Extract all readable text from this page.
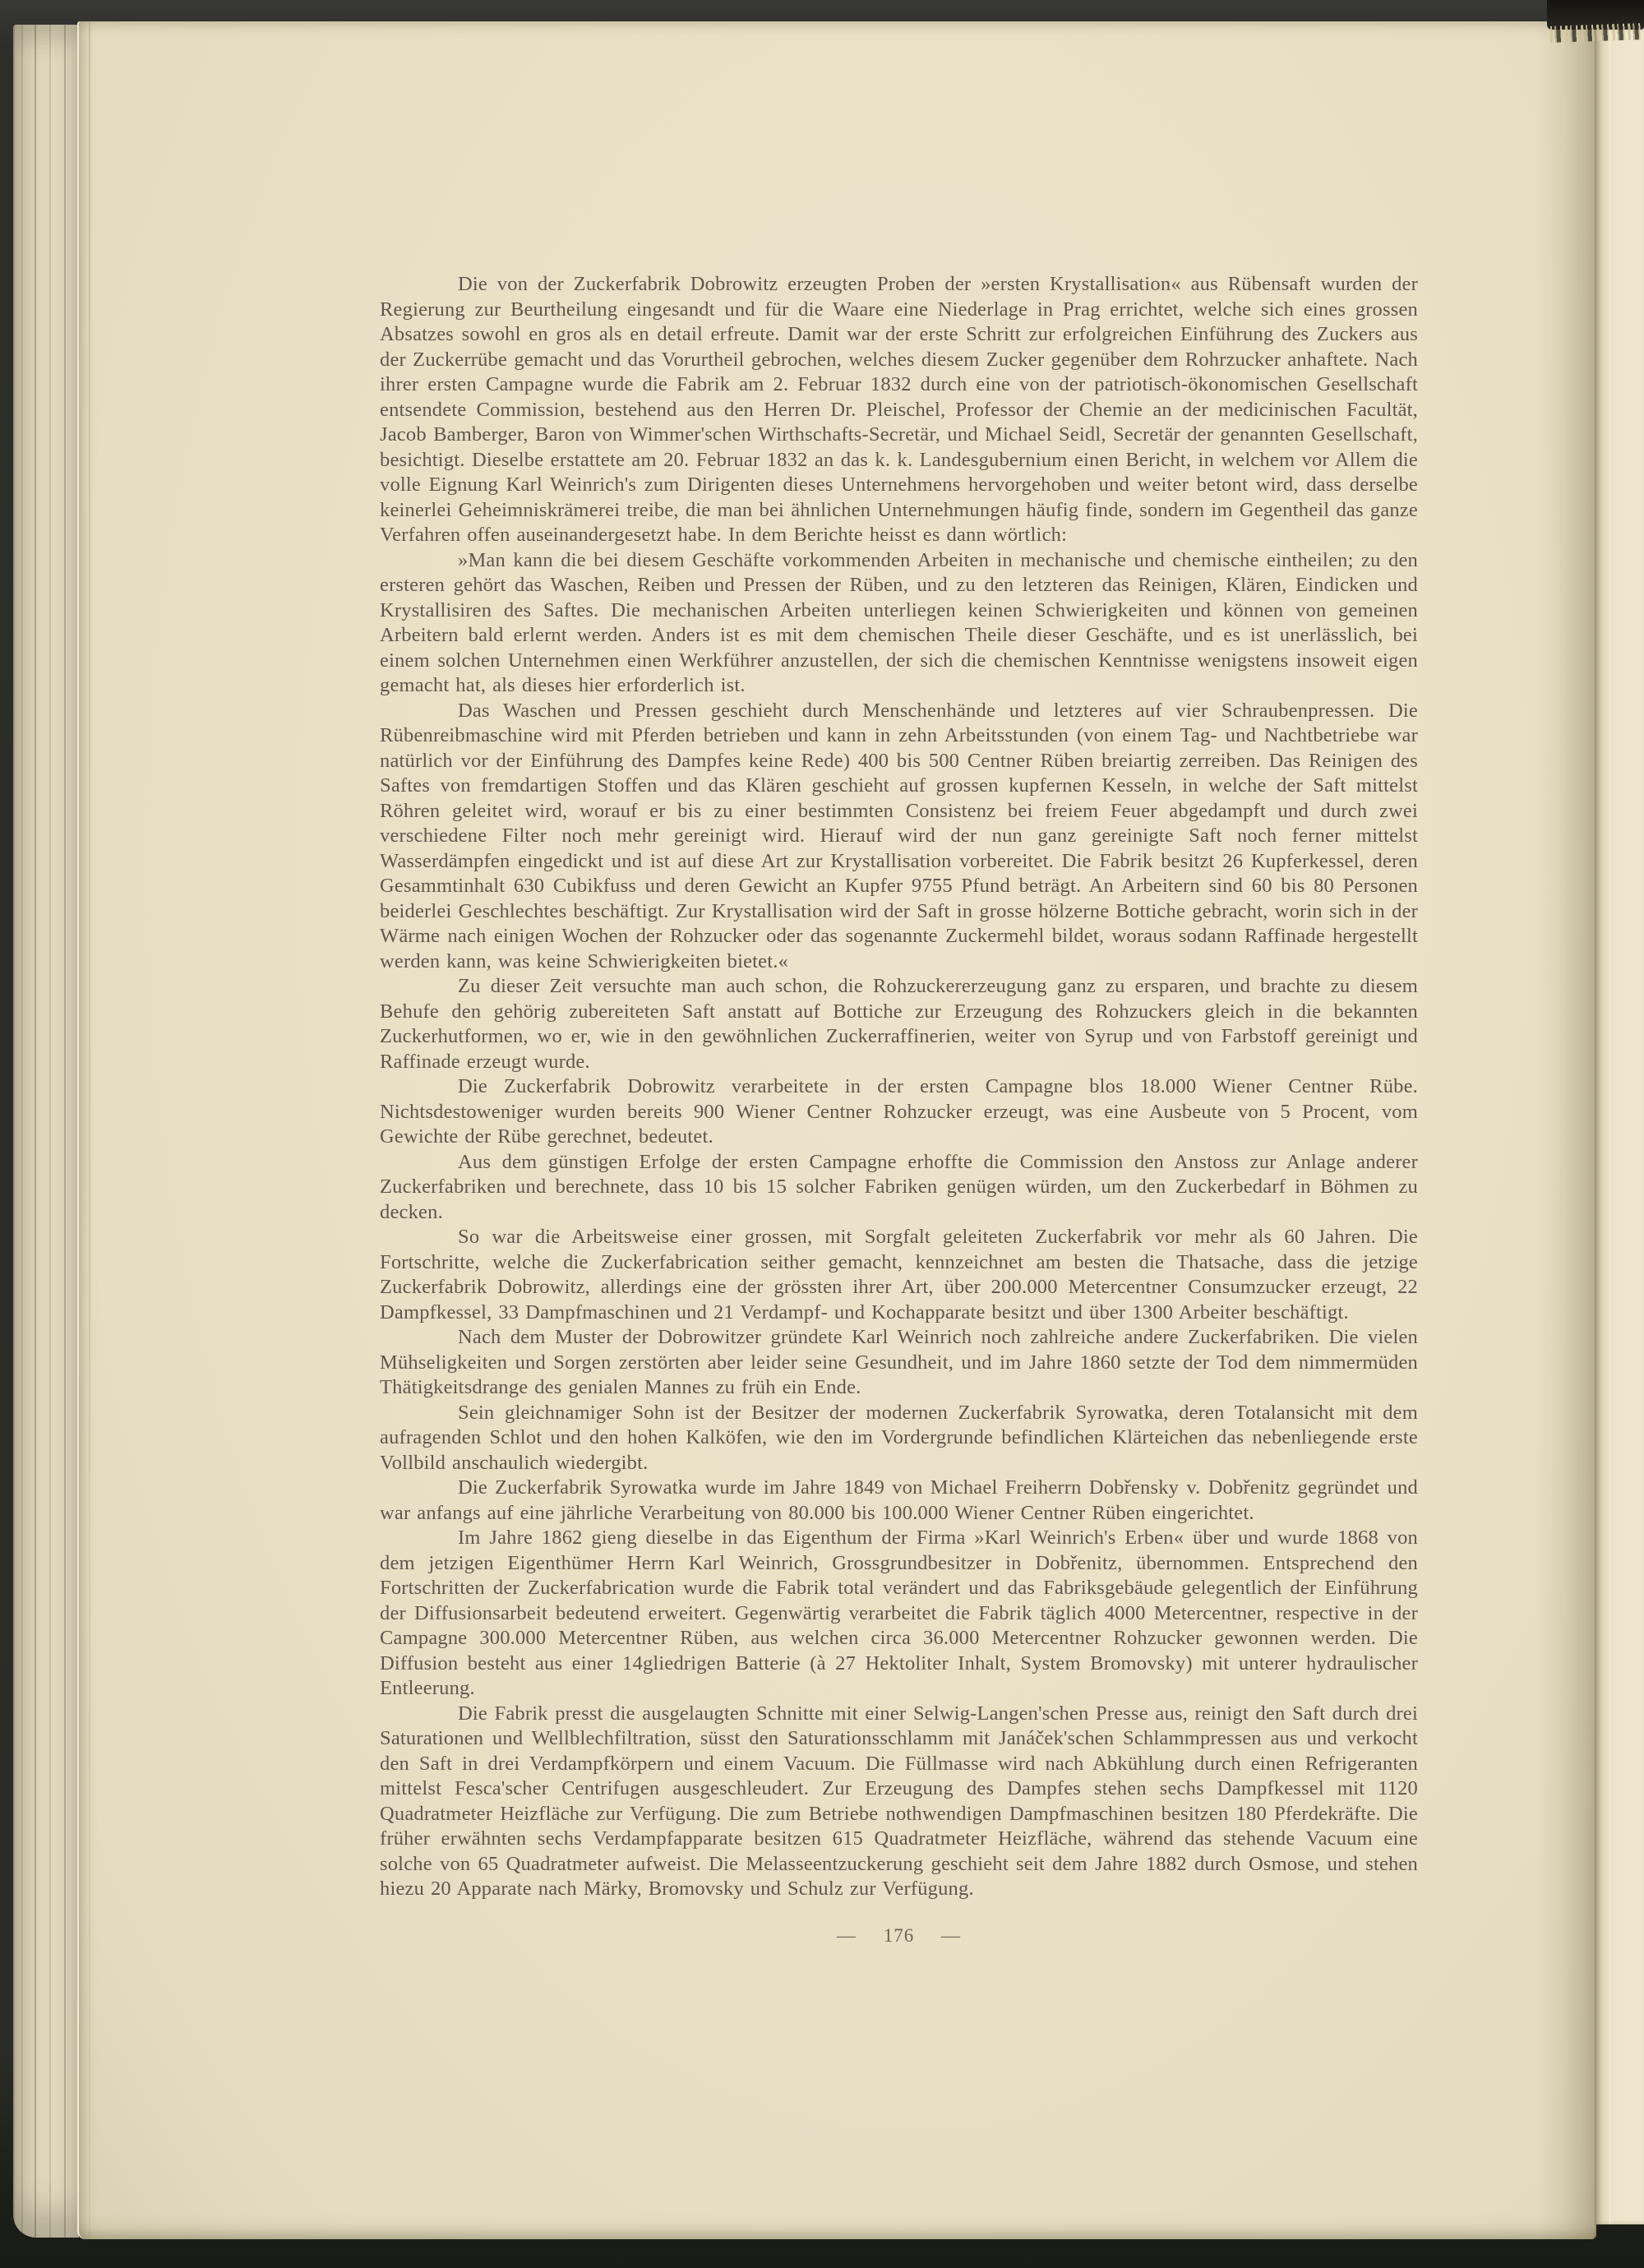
Die von der Zuckerfabrik Dobrowitz erzeugten Proben der »ersten Krystallisation« aus Rübensaft wurden der Regierung zur Beurtheilung eingesandt und für die Waare eine Niederlage in Prag errichtet, welche sich eines grossen Absatzes sowohl en gros als en detail erfreute. Damit war der erste Schritt zur erfolgreichen Einführung des Zuckers aus der Zuckerrübe gemacht und das Vorurtheil gebrochen, welches diesem Zucker gegenüber dem Rohrzucker anhaftete. Nach ihrer ersten Campagne wurde die Fabrik am 2. Februar 1832 durch eine von der patriotisch-ökonomischen Gesellschaft entsendete Commission, bestehend aus den Herren Dr. Pleischel, Professor der Chemie an der medicinischen Facultät, Jacob Bamberger, Baron von Wimmer'schen Wirthschafts-Secretär, und Michael Seidl, Secretär der genannten Gesellschaft, besichtigt. Dieselbe erstattete am 20. Februar 1832 an das k. k. Landesgubernium einen Bericht, in welchem vor Allem die volle Eignung Karl Weinrich's zum Dirigenten dieses Unternehmens hervorgehoben und weiter betont wird, dass derselbe keinerlei Geheimniskrämerei treibe, die man bei ähnlichen Unternehmungen häufig finde, sondern im Gegentheil das ganze Verfahren offen auseinandergesetzt habe. In dem Berichte heisst es dann wörtlich:

»Man kann die bei diesem Geschäfte vorkommenden Arbeiten in mechanische und chemische eintheilen; zu den ersteren gehört das Waschen, Reiben und Pressen der Rüben, und zu den letzteren das Reinigen, Klären, Eindicken und Krystallisiren des Saftes. Die mechanischen Arbeiten unterliegen keinen Schwierigkeiten und können von gemeinen Arbeitern bald erlernt werden. Anders ist es mit dem chemischen Theile dieser Geschäfte, und es ist unerlässlich, bei einem solchen Unternehmen einen Werkführer anzustellen, der sich die chemischen Kenntnisse wenigstens insoweit eigen gemacht hat, als dieses hier erforderlich ist.

Das Waschen und Pressen geschieht durch Menschenhände und letzteres auf vier Schraubenpressen. Die Rübenreibmaschine wird mit Pferden betrieben und kann in zehn Arbeitsstunden (von einem Tag- und Nachtbetriebe war natürlich vor der Einführung des Dampfes keine Rede) 400 bis 500 Centner Rüben breiartig zerreiben. Das Reinigen des Saftes von fremdartigen Stoffen und das Klären geschieht auf grossen kupfernen Kesseln, in welche der Saft mittelst Röhren geleitet wird, worauf er bis zu einer bestimmten Consistenz bei freiem Feuer abgedampft und durch zwei verschiedene Filter noch mehr gereinigt wird. Hierauf wird der nun ganz gereinigte Saft noch ferner mittelst Wasserdämpfen eingedickt und ist auf diese Art zur Krystallisation vorbereitet. Die Fabrik besitzt 26 Kupferkessel, deren Gesammtinhalt 630 Cubikfuss und deren Gewicht an Kupfer 9755 Pfund beträgt. An Arbeitern sind 60 bis 80 Personen beiderlei Geschlechtes beschäftigt. Zur Krystallisation wird der Saft in grosse hölzerne Bottiche gebracht, worin sich in der Wärme nach einigen Wochen der Rohzucker oder das sogenannte Zuckermehl bildet, woraus sodann Raffinade hergestellt werden kann, was keine Schwierigkeiten bietet.«

Zu dieser Zeit versuchte man auch schon, die Rohzuckererzeugung ganz zu ersparen, und brachte zu diesem Behufe den gehörig zubereiteten Saft anstatt auf Bottiche zur Erzeugung des Rohzuckers gleich in die bekannten Zuckerhutformen, wo er, wie in den gewöhnlichen Zuckerraffinerien, weiter von Syrup und von Farbstoff gereinigt und Raffinade erzeugt wurde.

Die Zuckerfabrik Dobrowitz verarbeitete in der ersten Campagne blos 18.000 Wiener Centner Rübe. Nichtsdestoweniger wurden bereits 900 Wiener Centner Rohzucker erzeugt, was eine Ausbeute von 5 Procent, vom Gewichte der Rübe gerechnet, bedeutet.

Aus dem günstigen Erfolge der ersten Campagne erhoffte die Commission den Anstoss zur Anlage anderer Zuckerfabriken und berechnete, dass 10 bis 15 solcher Fabriken genügen würden, um den Zuckerbedarf in Böhmen zu decken.

So war die Arbeitsweise einer grossen, mit Sorgfalt geleiteten Zuckerfabrik vor mehr als 60 Jahren. Die Fortschritte, welche die Zuckerfabrication seither gemacht, kennzeichnet am besten die Thatsache, dass die jetzige Zuckerfabrik Dobrowitz, allerdings eine der grössten ihrer Art, über 200.000 Metercentner Consumzucker erzeugt, 22 Dampfkessel, 33 Dampfmaschinen und 21 Verdampf- und Kochapparate besitzt und über 1300 Arbeiter beschäftigt.

Nach dem Muster der Dobrowitzer gründete Karl Weinrich noch zahlreiche andere Zuckerfabriken. Die vielen Mühseligkeiten und Sorgen zerstörten aber leider seine Gesundheit, und im Jahre 1860 setzte der Tod dem nimmermüden Thätigkeitsdrange des genialen Mannes zu früh ein Ende.

Sein gleichnamiger Sohn ist der Besitzer der modernen Zuckerfabrik Syrowatka, deren Totalansicht mit dem aufragenden Schlot und den hohen Kalköfen, wie den im Vordergrunde befindlichen Klärteichen das nebenliegende erste Vollbild anschaulich wiedergibt.

Die Zuckerfabrik Syrowatka wurde im Jahre 1849 von Michael Freiherrn Dobřensky v. Dobřenitz gegründet und war anfangs auf eine jährliche Verarbeitung von 80.000 bis 100.000 Wiener Centner Rüben eingerichtet.

Im Jahre 1862 gieng dieselbe in das Eigenthum der Firma »Karl Weinrich's Erben« über und wurde 1868 von dem jetzigen Eigenthümer Herrn Karl Weinrich, Grossgrundbesitzer in Dobřenitz, übernommen. Entsprechend den Fortschritten der Zuckerfabrication wurde die Fabrik total verändert und das Fabriksgebäude gelegentlich der Einführung der Diffusionsarbeit bedeutend erweitert. Gegenwärtig verarbeitet die Fabrik täglich 4000 Metercentner, respective in der Campagne 300.000 Metercentner Rüben, aus welchen circa 36.000 Metercentner Rohzucker gewonnen werden. Die Diffusion besteht aus einer 14gliedrigen Batterie (à 27 Hektoliter Inhalt, System Bromovsky) mit unterer hydraulischer Entleerung.

Die Fabrik presst die ausgelaugten Schnitte mit einer Selwig-Langen'schen Presse aus, reinigt den Saft durch drei Saturationen und Wellblechfiltration, süsst den Saturationsschlamm mit Janáček'schen Schlammpressen aus und verkocht den Saft in drei Verdampfkörpern und einem Vacuum. Die Füllmasse wird nach Abkühlung durch einen Refrigeranten mittelst Fesca'scher Centrifugen ausgeschleudert. Zur Erzeugung des Dampfes stehen sechs Dampfkessel mit 1120 Quadratmeter Heizfläche zur Verfügung. Die zum Betriebe nothwendigen Dampfmaschinen besitzen 180 Pferdekräfte. Die früher erwähnten sechs Verdampfapparate besitzen 615 Quadratmeter Heizfläche, während das stehende Vacuum eine solche von 65 Quadratmeter aufweist. Die Melasseentzuckerung geschieht seit dem Jahre 1882 durch Osmose, und stehen hiezu 20 Apparate nach Märky, Bromovsky und Schulz zur Verfügung.

— 176 —
